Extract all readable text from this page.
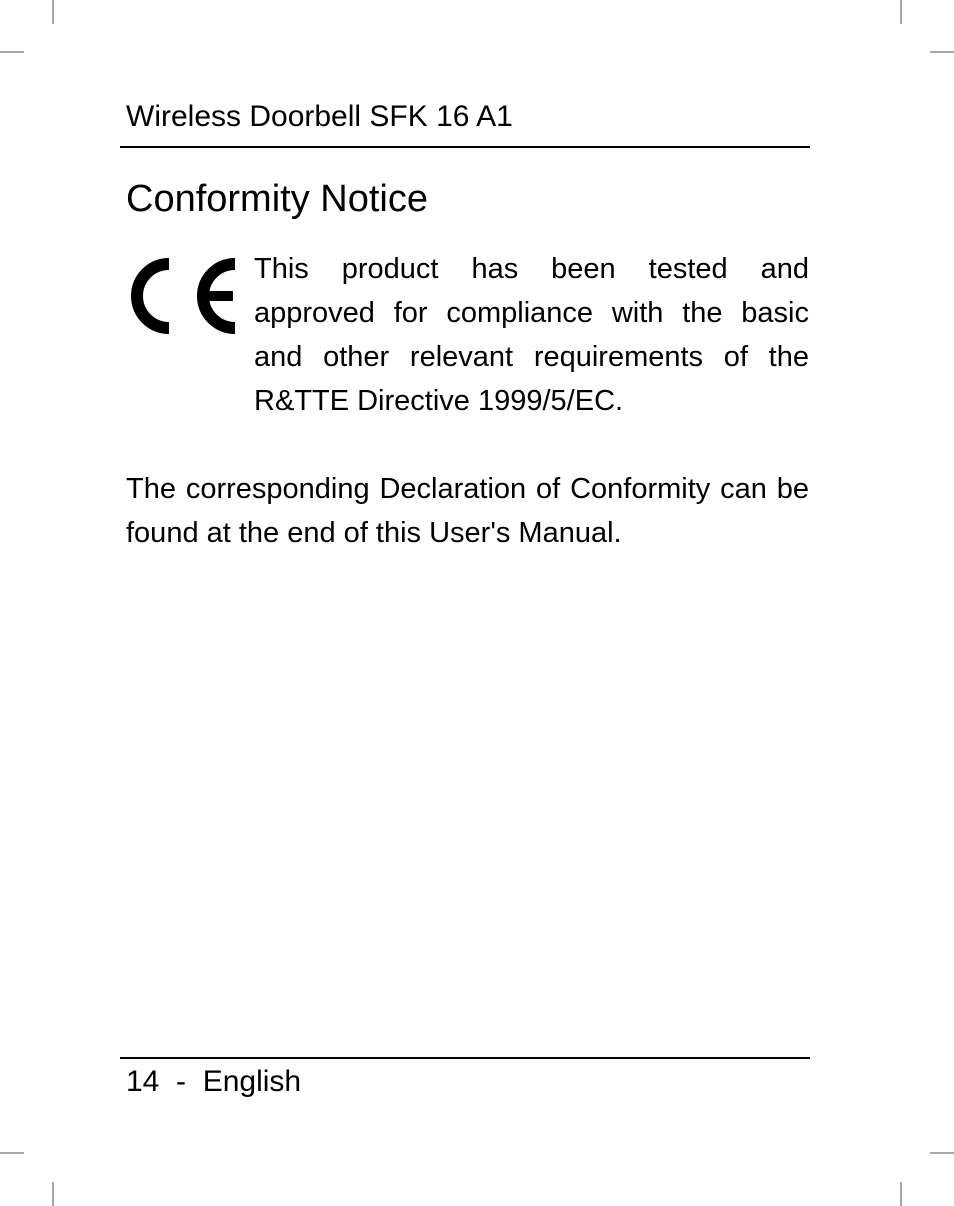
Wireless Doorbell SFK 16 A1
Conformity Notice
This product has been tested and approved for compliance with the basic and other relevant requirements of the R&TTE Directive 1999/5/EC.
The corresponding Declaration of Conformity can be found at the end of this User's Manual.
14 - English
